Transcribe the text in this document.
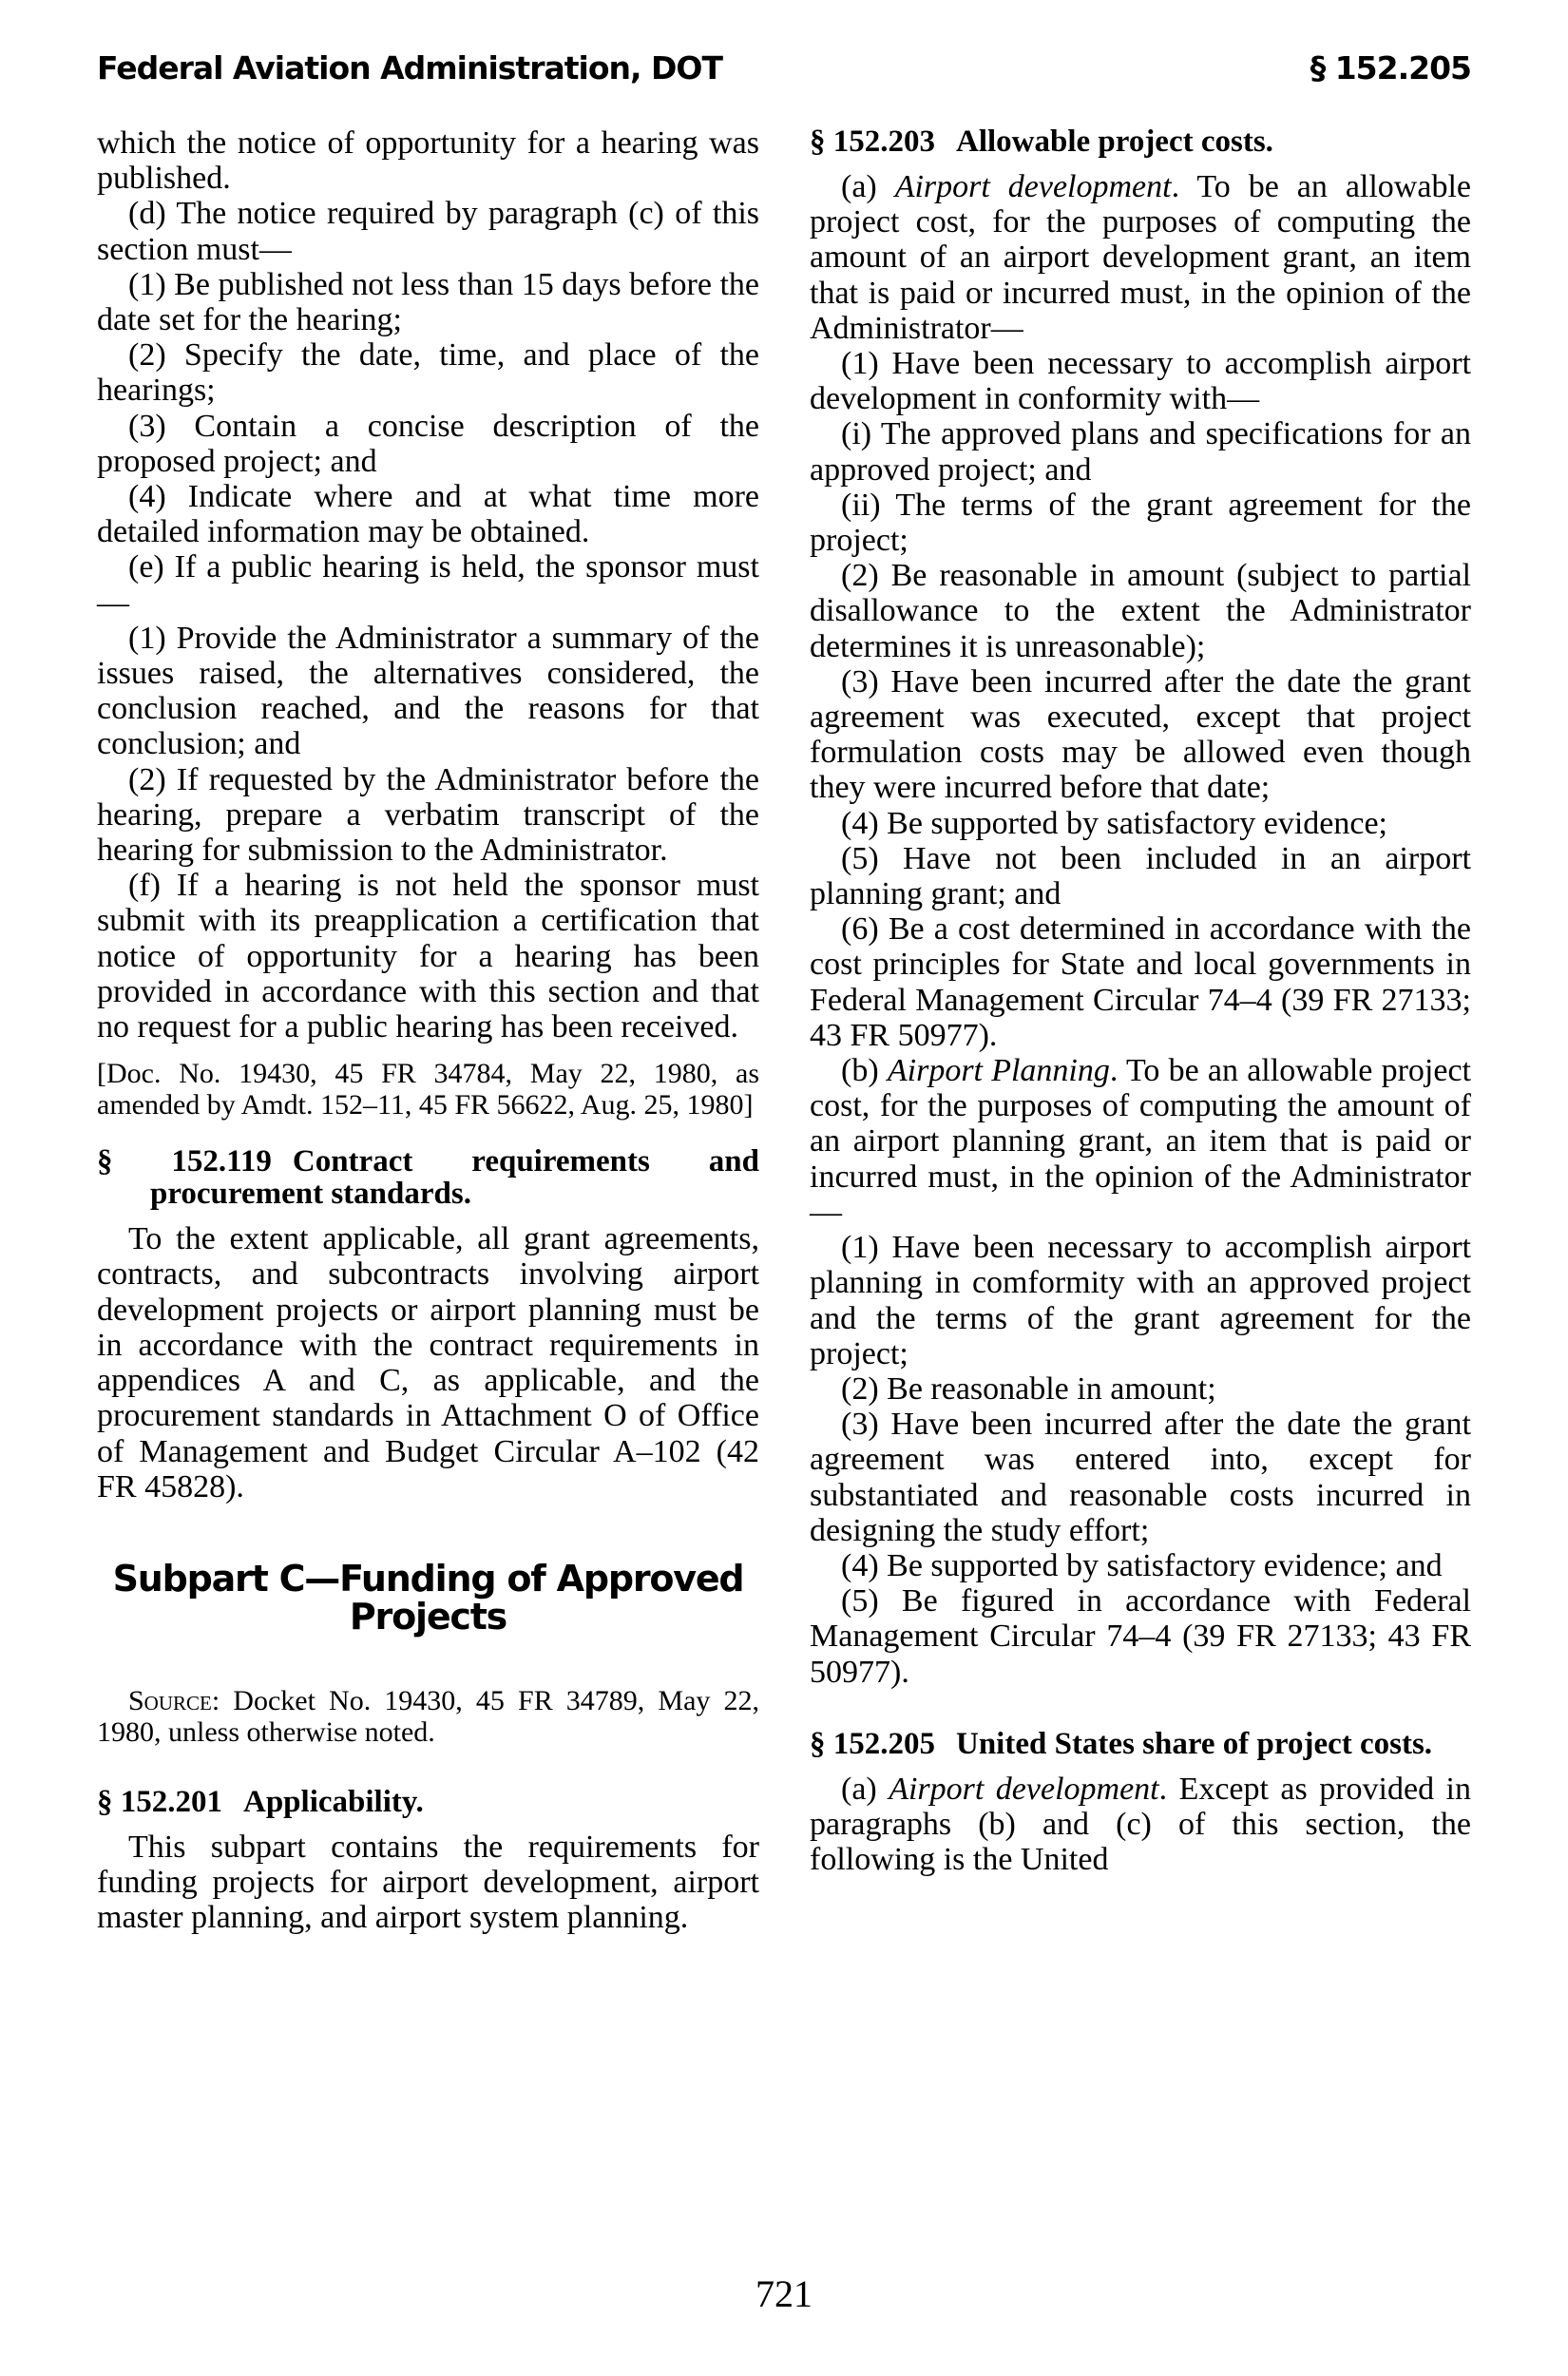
Federal Aviation Administration, DOT	§ 152.205

which the notice of opportunity for a hearing was published.

(d) The notice required by paragraph (c) of this section must—

(1) Be published not less than 15 days before the date set for the hearing;

(2) Specify the date, time, and place of the hearings;

(3) Contain a concise description of the proposed project; and

(4) Indicate where and at what time more detailed information may be obtained.

(e) If a public hearing is held, the sponsor must—

(1) Provide the Administrator a summary of the issues raised, the alternatives considered, the conclusion reached, and the reasons for that conclusion; and

(2) If requested by the Administrator before the hearing, prepare a verbatim transcript of the hearing for submission to the Administrator.

(f) If a hearing is not held the sponsor must submit with its preapplication a certification that notice of opportunity for a hearing has been provided in accordance with this section and that no request for a public hearing has been received.

[Doc. No. 19430, 45 FR 34784, May 22, 1980, as amended by Amdt. 152–11, 45 FR 56622, Aug. 25, 1980]

§ 152.119 Contract requirements and procurement standards.

To the extent applicable, all grant agreements, contracts, and subcontracts involving airport development projects or airport planning must be in accordance with the contract requirements in appendices A and C, as applicable, and the procurement standards in Attachment O of Office of Management and Budget Circular A–102 (42 FR 45828).

Subpart C—Funding of Approved Projects

Source: Docket No. 19430, 45 FR 34789, May 22, 1980, unless otherwise noted.

§ 152.201 Applicability.

This subpart contains the requirements for funding projects for airport development, airport master planning, and airport system planning.

§ 152.203 Allowable project costs.

(a) Airport development. To be an allowable project cost, for the purposes of computing the amount of an airport development grant, an item that is paid or incurred must, in the opinion of the Administrator—

(1) Have been necessary to accomplish airport development in conformity with—

(i) The approved plans and specifications for an approved project; and

(ii) The terms of the grant agreement for the project;

(2) Be reasonable in amount (subject to partial disallowance to the extent the Administrator determines it is unreasonable);

(3) Have been incurred after the date the grant agreement was executed, except that project formulation costs may be allowed even though they were incurred before that date;

(4) Be supported by satisfactory evidence;

(5) Have not been included in an airport planning grant; and

(6) Be a cost determined in accordance with the cost principles for State and local governments in Federal Management Circular 74–4 (39 FR 27133; 43 FR 50977).

(b) Airport Planning. To be an allowable project cost, for the purposes of computing the amount of an airport planning grant, an item that is paid or incurred must, in the opinion of the Administrator—

(1) Have been necessary to accomplish airport planning in comformity with an approved project and the terms of the grant agreement for the project;

(2) Be reasonable in amount;

(3) Have been incurred after the date the grant agreement was entered into, except for substantiated and reasonable costs incurred in designing the study effort;

(4) Be supported by satisfactory evidence; and

(5) Be figured in accordance with Federal Management Circular 74–4 (39 FR 27133; 43 FR 50977).

§ 152.205 United States share of project costs.

(a) Airport development. Except as provided in paragraphs (b) and (c) of this section, the following is the United

721
